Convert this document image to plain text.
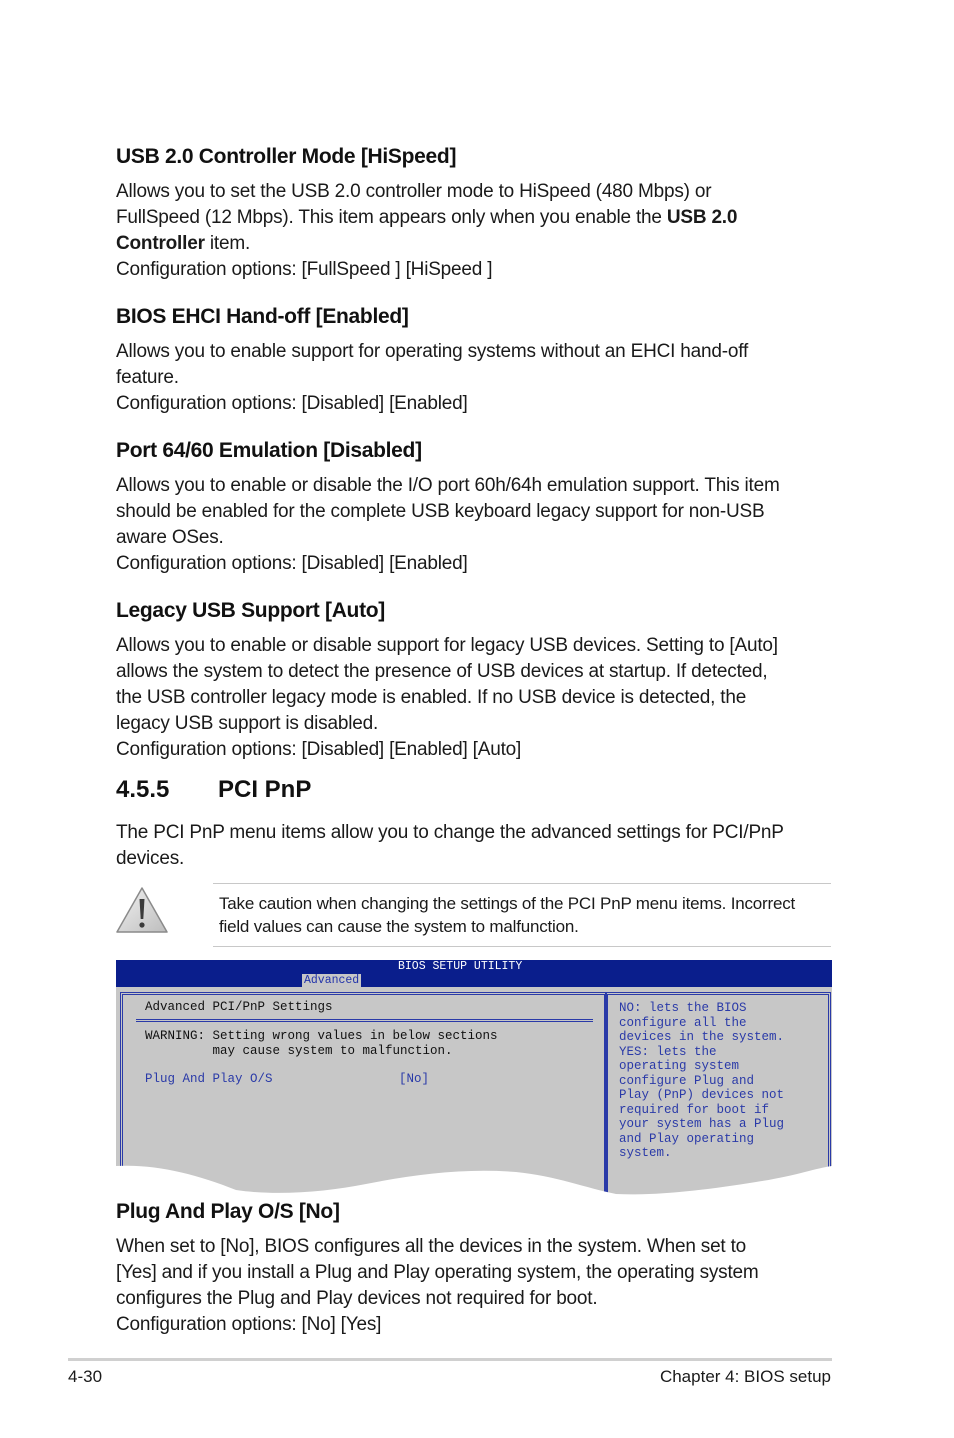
USB 2.0 Controller Mode [HiSpeed]
Allows you to set the USB 2.0 controller mode to HiSpeed (480 Mbps) or
FullSpeed (12 Mbps). This item appears only when you enable the USB 2.0
Controller item.
Configuration options: [FullSpeed ] [HiSpeed ]
BIOS EHCI Hand-off [Enabled]
Allows you to enable support for operating systems without an EHCI hand-off
feature.
Configuration options: [Disabled] [Enabled]
Port 64/60 Emulation [Disabled]
Allows you to enable or disable the I/O port 60h/64h emulation support. This item
should be enabled for the complete USB keyboard legacy support for non-USB
aware OSes.
Configuration options: [Disabled] [Enabled]
Legacy USB Support [Auto]
Allows you to enable or disable support for legacy USB devices. Setting to [Auto]
allows the system to detect the presence of USB devices at startup. If detected,
the USB controller legacy mode is enabled. If no USB device is detected, the
legacy USB support is disabled.
Configuration options: [Disabled] [Enabled] [Auto]
4.5.5 PCI PnP
The PCI PnP menu items allow you to change the advanced settings for PCI/PnP
devices.
Take caution when changing the settings of the PCI PnP menu items. Incorrect
field values can cause the system to malfunction.
BIOS SETUP UTILITY
Advanced
Advanced PCI/PnP Settings
WARNING: Setting wrong values in below sections
may cause system to malfunction.
Plug And Play O/S	[No]
NO: lets the BIOS
configure all the
devices in the system.
YES: lets the
operating system
configure Plug and
Play (PnP) devices not
required for boot if
your system has a Plug
and Play operating
system.
Plug And Play O/S [No]
When set to [No], BIOS configures all the devices in the system. When set to
[Yes] and if you install a Plug and Play operating system, the operating system
configures the Plug and Play devices not required for boot.
Configuration options: [No] [Yes]
4-30	Chapter 4: BIOS setup
